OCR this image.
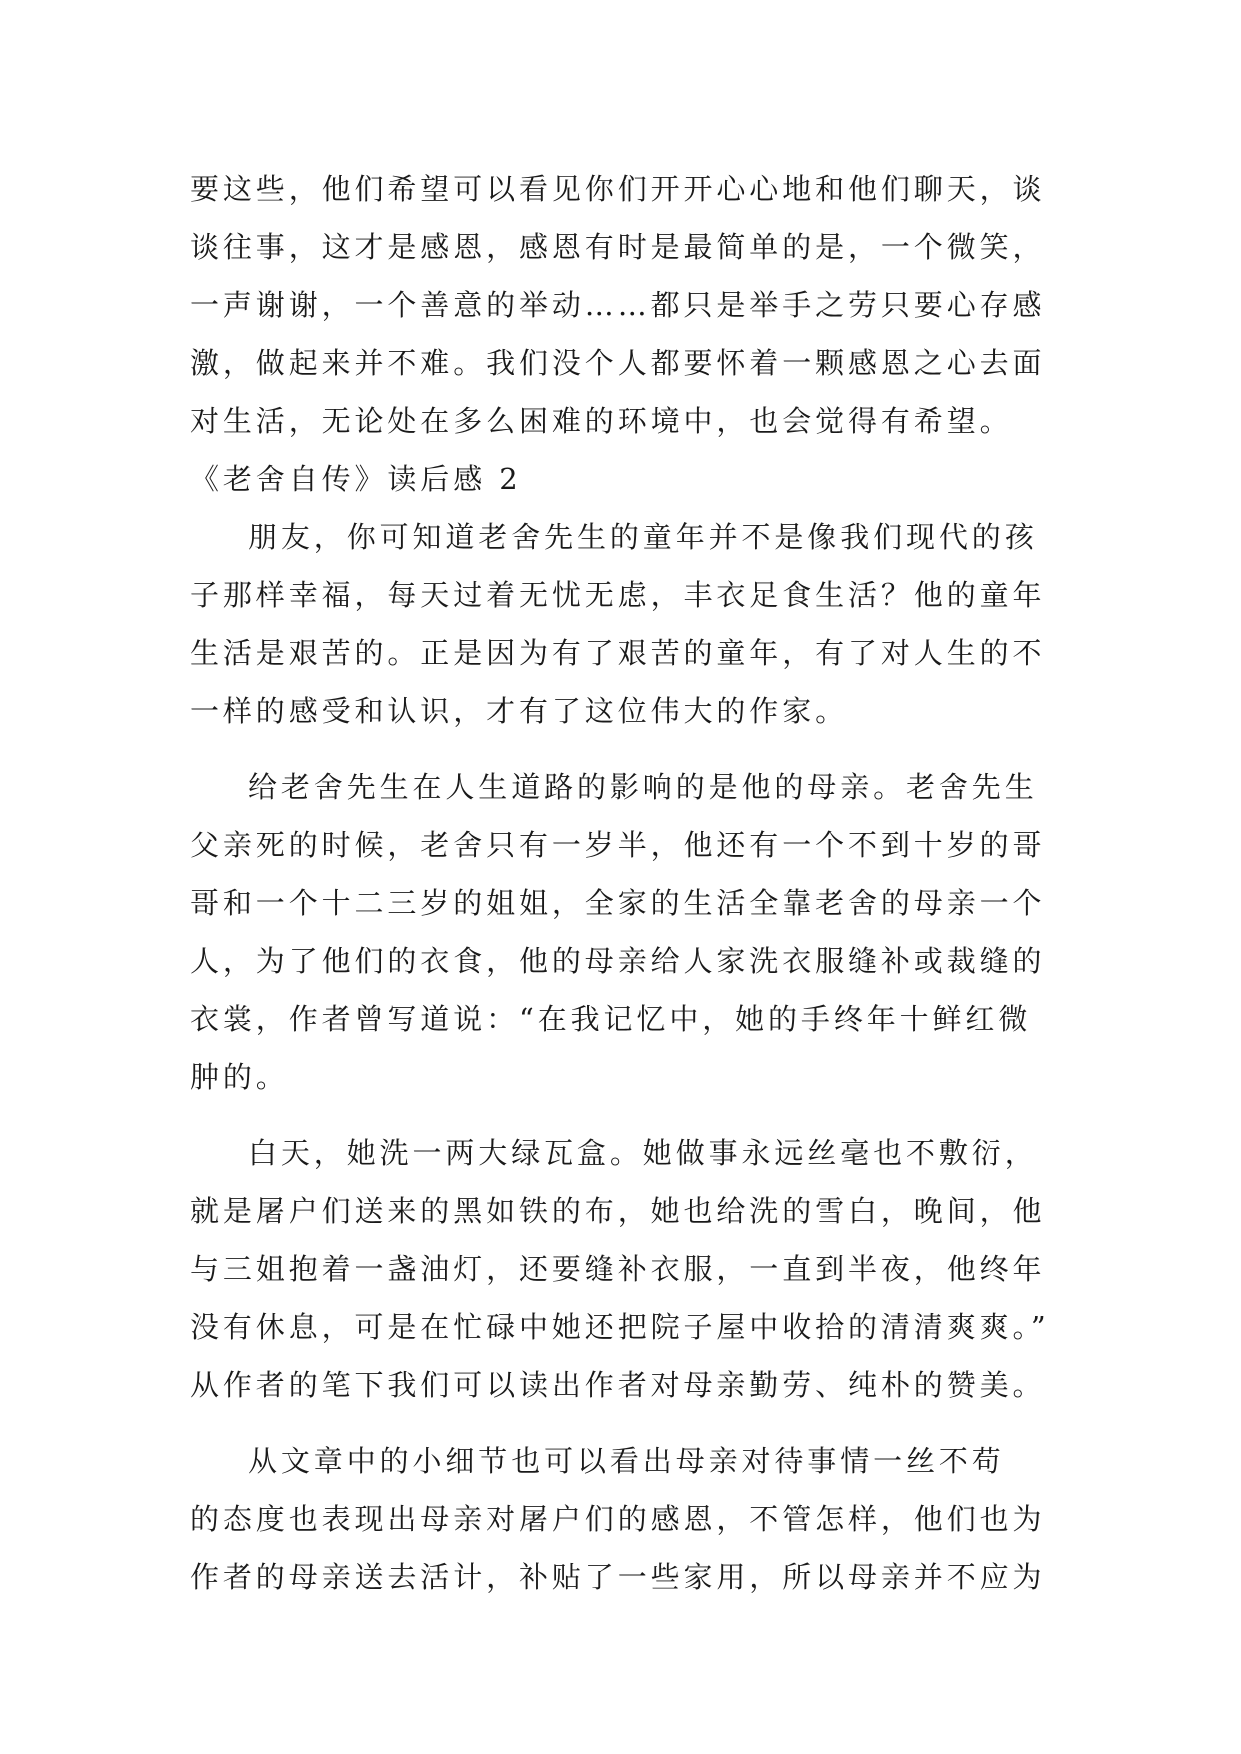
要这些，他们希望可以看见你们开开心心地和他们聊天，谈
谈往事，这才是感恩，感恩有时是最简单的是，一个微笑，
一声谢谢，一个善意的举动……都只是举手之劳只要心存感
激，做起来并不难。我们没个人都要怀着一颗感恩之心去面
对生活，无论处在多么困难的环境中，也会觉得有希望。
《老舍自传》读后感 2
朋友，你可知道老舍先生的童年并不是像我们现代的孩
子那样幸福，每天过着无忧无虑，丰衣足食生活？他的童年
生活是艰苦的。正是因为有了艰苦的童年，有了对人生的不
一样的感受和认识，才有了这位伟大的作家。
给老舍先生在人生道路的影响的是他的母亲。老舍先生
父亲死的时候，老舍只有一岁半，他还有一个不到十岁的哥
哥和一个十二三岁的姐姐，全家的生活全靠老舍的母亲一个
人，为了他们的衣食，他的母亲给人家洗衣服缝补或裁缝的
衣裳，作者曾写道说：“在我记忆中，她的手终年十鲜红微
肿的。
白天，她洗一两大绿瓦盒。她做事永远丝毫也不敷衍，
就是屠户们送来的黑如铁的布，她也给洗的雪白，晚间，他
与三姐抱着一盏油灯，还要缝补衣服，一直到半夜，他终年
没有休息，可是在忙碌中她还把院子屋中收拾的清清爽爽。”
从作者的笔下我们可以读出作者对母亲勤劳、纯朴的赞美。
从文章中的小细节也可以看出母亲对待事情一丝不苟
的态度也表现出母亲对屠户们的感恩，不管怎样，他们也为
作者的母亲送去活计，补贴了一些家用，所以母亲并不应为
